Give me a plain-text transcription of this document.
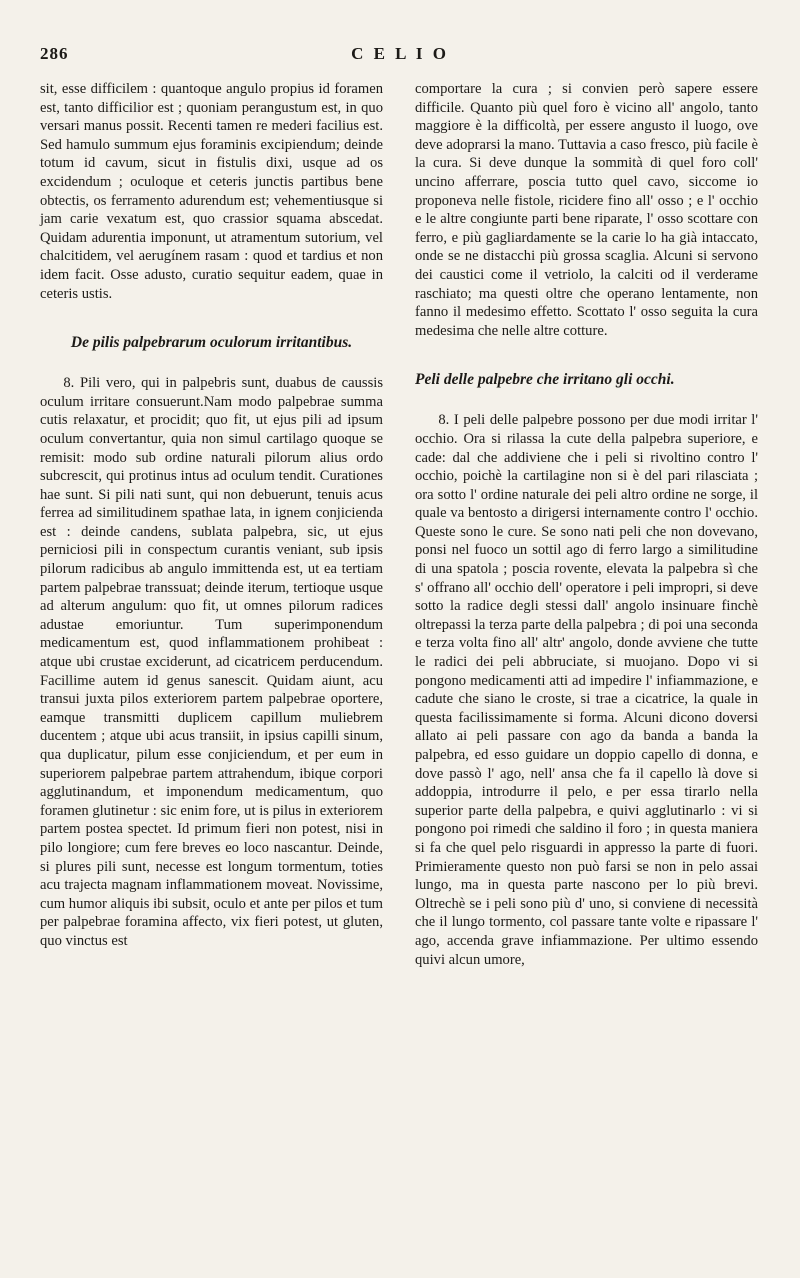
286	C E L I O

sit, esse difficilem : quantoque angulo propius id foramen est, tanto difficilior est ; quoniam perangustum est, in quo versari manus possit. Recenti tamen re mederi facilius est. Sed hamulo summum ejus foraminis excipiendum; deinde totum id cavum, sicut in fistulis dixi, usque ad os excidendum ; oculoque et ceteris junctis partibus bene obtectis, os ferramento adurendum est; vehementiusque si jam carie vexatum est, quo crassior squama abscedat. Quidam adurentia imponunt, ut atramentum sutorium, vel chalcitidem, vel aerugínem rasam : quod et tardius et non idem facit. Osse adusto, curatio sequitur eadem, quae in ceteris ustis.

De pilis palpebrarum oculorum irritantibus.

8. Pili vero, qui in palpebris sunt, duabus de caussis oculum irritare consuerunt.Nam modo palpebrae summa cutis relaxatur, et procidit; quo fit, ut ejus pili ad ipsum oculum convertantur, quia non simul cartilago quoque se remisit: modo sub ordine naturali pilorum alius ordo subcrescit, qui protinus intus ad oculum tendit. Curationes hae sunt. Si pili nati sunt, qui non debuerunt, tenuis acus ferrea ad similitudinem spathae lata, in ignem conjicienda est : deinde candens, sublata palpebra, sic, ut ejus perniciosi pili in conspectum curantis veniant, sub ipsis pilorum radicibus ab angulo immittenda est, ut ea tertiam partem palpebrae transsuat; deinde iterum, tertioque usque ad alterum angulum: quo fit, ut omnes pilorum radices adustae emoriuntur. Tum superimponendum medicamentum est, quod inflammationem prohibeat : atque ubi crustae exciderunt, ad cicatricem perducendum. Facillime autem id genus sanescit. Quidam aiunt, acu transui juxta pilos exteriorem partem palpebrae oportere, eamque transmitti duplicem capillum muliebrem ducentem ; atque ubi acus transiit, in ipsius capilli sinum, qua duplicatur, pilum esse conjiciendum, et per eum in superiorem palpebrae partem attrahendum, ibique corpori agglutinandum, et imponendum medicamentum, quo foramen glutinetur : sic enim fore, ut is pilus in exteriorem partem postea spectet. Id primum fieri non potest, nisi in pilo longiore; cum fere breves eo loco nascantur. Deinde, si plures pili sunt, necesse est longum tormentum, toties acu trajecta magnam inflammationem moveat. Novissime, cum humor aliquis ibi subsit, oculo et ante per pilos et tum per palpebrae foramina affecto, vix fieri potest, ut gluten, quo vinctus est

comportare la cura ; si convien però sapere essere difficile. Quanto più quel foro è vicino all' angolo, tanto maggiore è la difficoltà, per essere angusto il luogo, ove deve adoprarsi la mano. Tuttavia a caso fresco, più facile è la cura. Si deve dunque la sommità di quel foro coll' uncino afferrare, poscia tutto quel cavo, siccome io proponeva nelle fistole, ricidere fino all' osso ; e l' occhio e le altre congiunte parti bene riparate, l' osso scottare con ferro, e più gagliardamente se la carie lo ha già intaccato, onde se ne distacchi più grossa scaglia. Alcuni si servono dei caustici come il vetriolo, la calciti od il verderame raschiato; ma questi oltre che operano lentamente, non fanno il medesimo effetto. Scottato l' osso seguita la cura medesima che nelle altre cotture.

Peli delle palpebre che irritano gli occhi.

8. I peli delle palpebre possono per due modi irritar l' occhio. Ora si rilassa la cute della palpebra superiore, e cade: dal che addiviene che i peli si rivoltino contro l' occhio, poichè la cartilagine non si è del pari rilasciata ; ora sotto l' ordine naturale dei peli altro ordine ne sorge, il quale va bentosto a dirigersi internamente contro l' occhio. Queste sono le cure. Se sono nati peli che non dovevano, ponsi nel fuoco un sottil ago di ferro largo a similitudine di una spatola ; poscia rovente, elevata la palpebra sì che s' offrano all' occhio dell' operatore i peli impropri, si deve sotto la radice degli stessi dall' angolo insinuare finchè oltrepassi la terza parte della palpebra ; di poi una seconda e terza volta fino all' altr' angolo, donde avviene che tutte le radici dei peli abbruciate, si muojano. Dopo vi si pongono medicamenti atti ad impedire l' infiammazione, e cadute che siano le croste, si trae a cicatrice, la quale in questa facilissimamente si forma. Alcuni dicono doversi allato ai peli passare con ago da banda a banda la palpebra, ed esso guidare un doppio capello di donna, e dove passò l' ago, nell' ansa che fa il capello là dove si addoppia, introdurre il pelo, e per essa tirarlo nella superior parte della palpebra, e quivi agglutinarlo : vi si pongono poi rimedi che saldino il foro ; in questa maniera si fa che quel pelo risguardi in appresso la parte di fuori. Primieramente questo non può farsi se non in pelo assai lungo, ma in questa parte nascono per lo più brevi. Oltrechè se i peli sono più d' uno, si conviene di necessità che il lungo tormento, col passare tante volte e ripassare l' ago, accenda grave infiammazione. Per ultimo essendo quivi alcun umore,
